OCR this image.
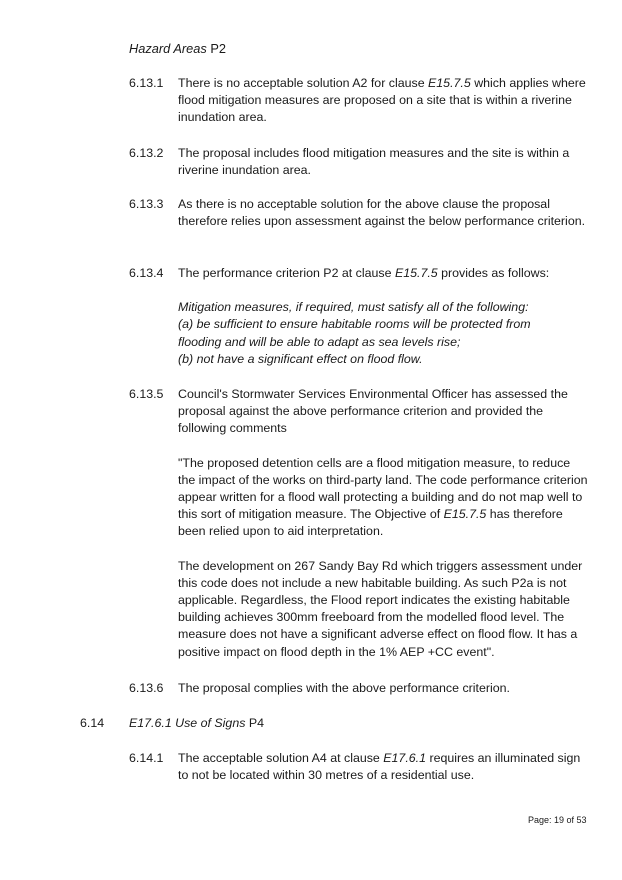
Hazard Areas P2
6.13.1 There is no acceptable solution A2 for clause E15.7.5 which applies where flood mitigation measures are proposed on a site that is within a riverine inundation area.
6.13.2 The proposal includes flood mitigation measures and the site is within a riverine inundation area.
6.13.3 As there is no acceptable solution for the above clause the proposal therefore relies upon assessment against the below performance criterion.
6.13.4 The performance criterion P2 at clause E15.7.5 provides as follows:
Mitigation measures, if required, must satisfy all of the following:
(a) be sufficient to ensure habitable rooms will be protected from
flooding and will be able to adapt as sea levels rise;
(b) not have a significant effect on flood flow.
6.13.5 Council's Stormwater Services Environmental Officer has assessed the proposal against the above performance criterion and provided the following comments
"The proposed detention cells are a flood mitigation measure, to reduce the impact of the works on third-party land. The code performance criterion appear written for a flood wall protecting a building and do not map well to this sort of mitigation measure. The Objective of E15.7.5 has therefore been relied upon to aid interpretation.
The development on 267 Sandy Bay Rd which triggers assessment under this code does not include a new habitable building. As such P2a is not applicable. Regardless, the Flood report indicates the existing habitable building achieves 300mm freeboard from the modelled flood level. The measure does not have a significant adverse effect on flood flow. It has a positive impact on flood depth in the 1% AEP +CC event".
6.13.6 The proposal complies with the above performance criterion.
6.14 E17.6.1 Use of Signs P4
6.14.1 The acceptable solution A4 at clause E17.6.1 requires an illuminated sign to not be located within 30 metres of a residential use.
Page: 19 of 53
